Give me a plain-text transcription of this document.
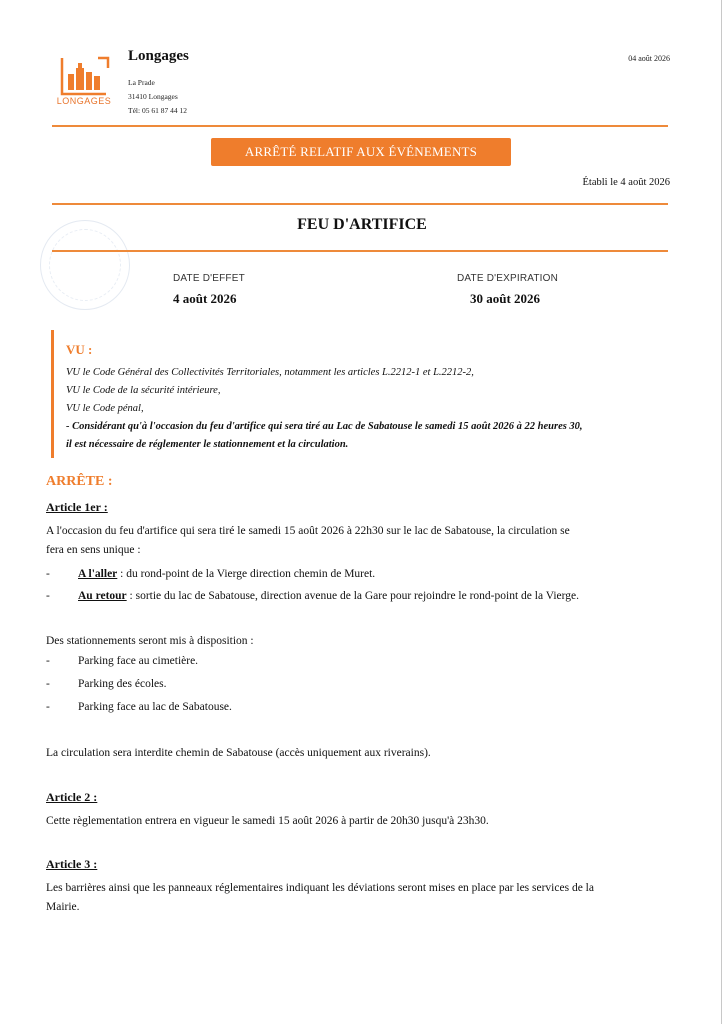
LONGAGES
Longages
La Prade
31410 Longages
Tél: 05 61 87 44 12
04 août 2026
ARRÊTÉ RELATIF AUX ÉVÉNEMENTS
Établi le 4 août 2026
FEU D'ARTIFICE
DATE D'EFFET
4 août 2026
DATE D'EXPIRATION
30 août 2026
VU :
VU le Code Général des Collectivités Territoriales, notamment les articles L.2212-1 et L.2212-2,
VU le Code de la sécurité intérieure,
VU le Code pénal,
- Considérant qu'à l'occasion du feu d'artifice qui sera tiré au Lac de Sabatouse le samedi 15 août 2026 à 22 heures 30,
il est nécessaire de réglementer le stationnement et la circulation.
ARRÊTE :
Article 1er :
A l'occasion du feu d'artifice qui sera tiré le samedi 15 août 2026 à 22h30 sur le lac de Sabatouse, la circulation se
fera en sens unique :
- A l'aller : du rond-point de la Vierge direction chemin de Muret.
- Au retour : sortie du lac de Sabatouse, direction avenue de la Gare pour rejoindre le rond-point de la Vierge.
Des stationnements seront mis à disposition :
- Parking face au cimetière.
- Parking des écoles.
- Parking face au lac de Sabatouse.
La circulation sera interdite chemin de Sabatouse (accès uniquement aux riverains).
Article 2 :
Cette règlementation entrera en vigueur le samedi 15 août 2026 à partir de 20h30 jusqu'à 23h30.
Article 3 :
Les barrières ainsi que les panneaux réglementaires indiquant les déviations seront mises en place par les services de la
Mairie.
